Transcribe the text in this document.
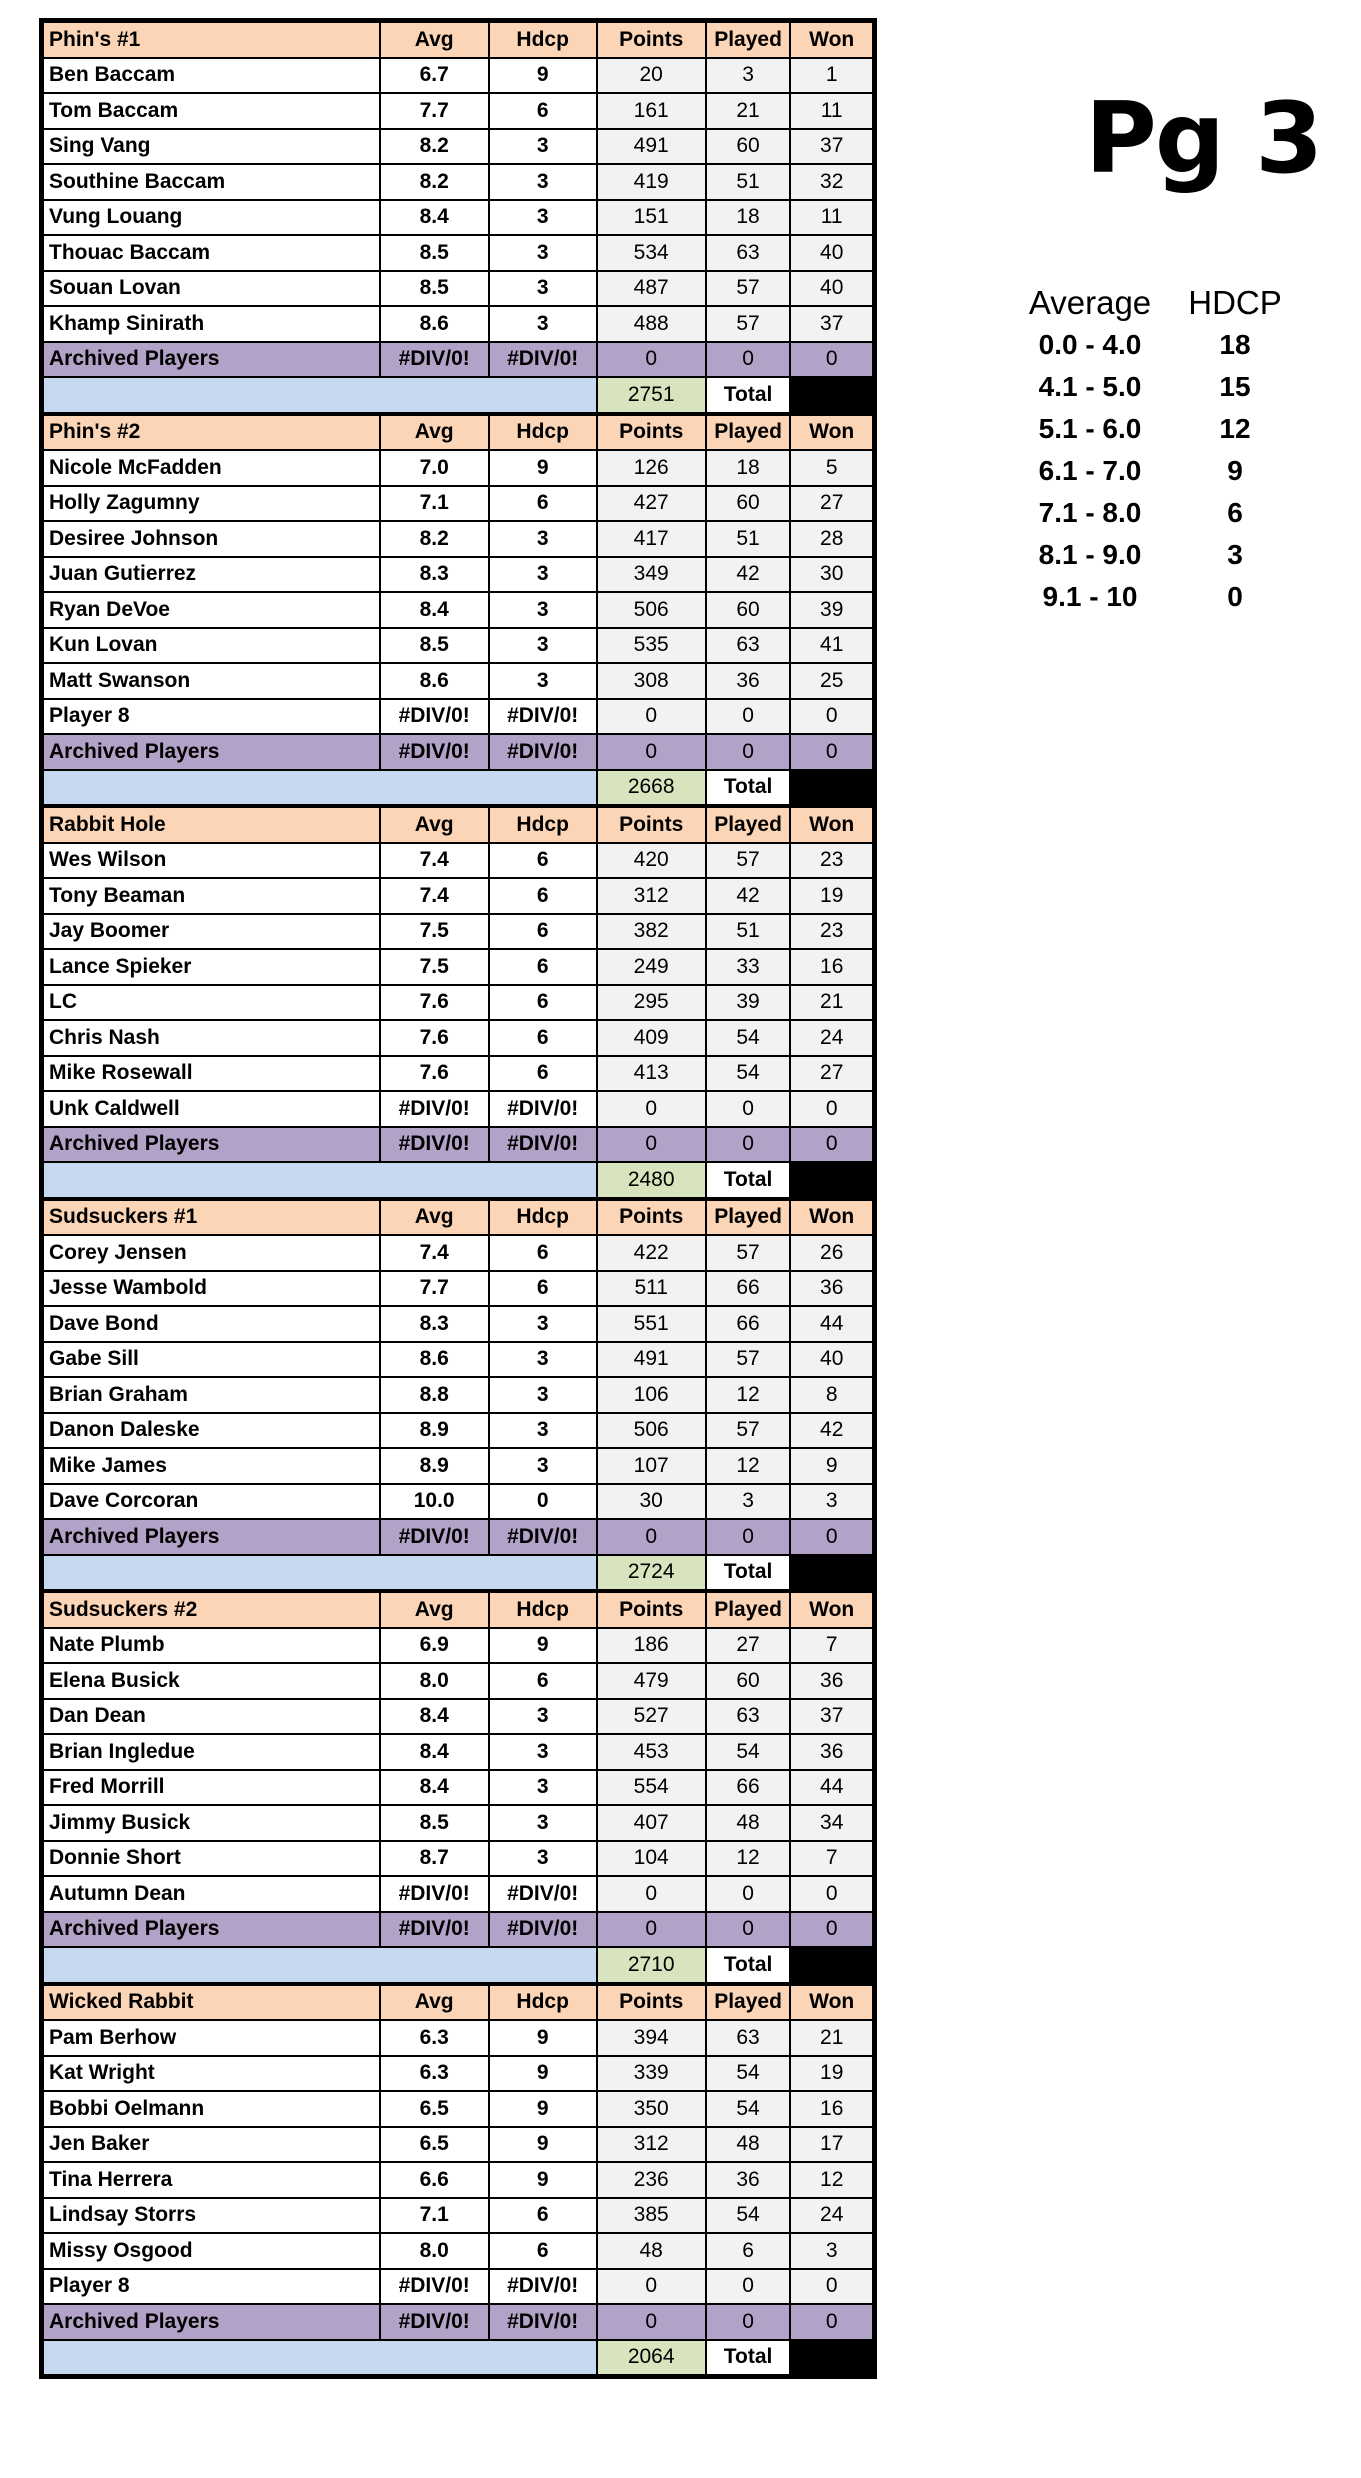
Phin's #1	Avg	Hdcp	Points	Played	Won
Ben Baccam	6.7	9	20	3	1
Tom Baccam	7.7	6	161	21	11
Sing Vang	8.2	3	491	60	37
Southine Baccam	8.2	3	419	51	32
Vung Louang	8.4	3	151	18	11
Thouac Baccam	8.5	3	534	63	40
Souan Lovan	8.5	3	487	57	40
Khamp Sinirath	8.6	3	488	57	37
Archived Players	#DIV/0!	#DIV/0!	0	0	0
			2751	Total	
Phin's #2	Avg	Hdcp	Points	Played	Won
Nicole McFadden	7.0	9	126	18	5
Holly Zagumny	7.1	6	427	60	27
Desiree Johnson	8.2	3	417	51	28
Juan Gutierrez	8.3	3	349	42	30
Ryan DeVoe	8.4	3	506	60	39
Kun Lovan	8.5	3	535	63	41
Matt Swanson	8.6	3	308	36	25
Player 8	#DIV/0!	#DIV/0!	0	0	0
Archived Players	#DIV/0!	#DIV/0!	0	0	0
			2668	Total	
Rabbit Hole	Avg	Hdcp	Points	Played	Won
Wes Wilson	7.4	6	420	57	23
Tony Beaman	7.4	6	312	42	19
Jay Boomer	7.5	6	382	51	23
Lance Spieker	7.5	6	249	33	16
LC	7.6	6	295	39	21
Chris Nash	7.6	6	409	54	24
Mike Rosewall	7.6	6	413	54	27
Unk Caldwell	#DIV/0!	#DIV/0!	0	0	0
Archived Players	#DIV/0!	#DIV/0!	0	0	0
			2480	Total	
Sudsuckers #1	Avg	Hdcp	Points	Played	Won
Corey Jensen	7.4	6	422	57	26
Jesse Wambold	7.7	6	511	66	36
Dave Bond	8.3	3	551	66	44
Gabe Sill	8.6	3	491	57	40
Brian Graham	8.8	3	106	12	8
Danon Daleske	8.9	3	506	57	42
Mike James	8.9	3	107	12	9
Dave Corcoran	10.0	0	30	3	3
Archived Players	#DIV/0!	#DIV/0!	0	0	0
			2724	Total	
Sudsuckers #2	Avg	Hdcp	Points	Played	Won
Nate Plumb	6.9	9	186	27	7
Elena Busick	8.0	6	479	60	36
Dan Dean	8.4	3	527	63	37
Brian Ingledue	8.4	3	453	54	36
Fred Morrill	8.4	3	554	66	44
Jimmy Busick	8.5	3	407	48	34
Donnie Short	8.7	3	104	12	7
Autumn Dean	#DIV/0!	#DIV/0!	0	0	0
Archived Players	#DIV/0!	#DIV/0!	0	0	0
			2710	Total	
Wicked Rabbit	Avg	Hdcp	Points	Played	Won
Pam Berhow	6.3	9	394	63	21
Kat Wright	6.3	9	339	54	19
Bobbi Oelmann	6.5	9	350	54	16
Jen Baker	6.5	9	312	48	17
Tina Herrera	6.6	9	236	36	12
Lindsay Storrs	7.1	6	385	54	24
Missy Osgood	8.0	6	48	6	3
Player 8	#DIV/0!	#DIV/0!	0	0	0
Archived Players	#DIV/0!	#DIV/0!	0	0	0
			2064	Total	
Pg 3
Average	HDCP
0.0 - 4.0	18
4.1 - 5.0	15
5.1 - 6.0	12
6.1 - 7.0	9
7.1 - 8.0	6
8.1 - 9.0	3
9.1 - 10	0
